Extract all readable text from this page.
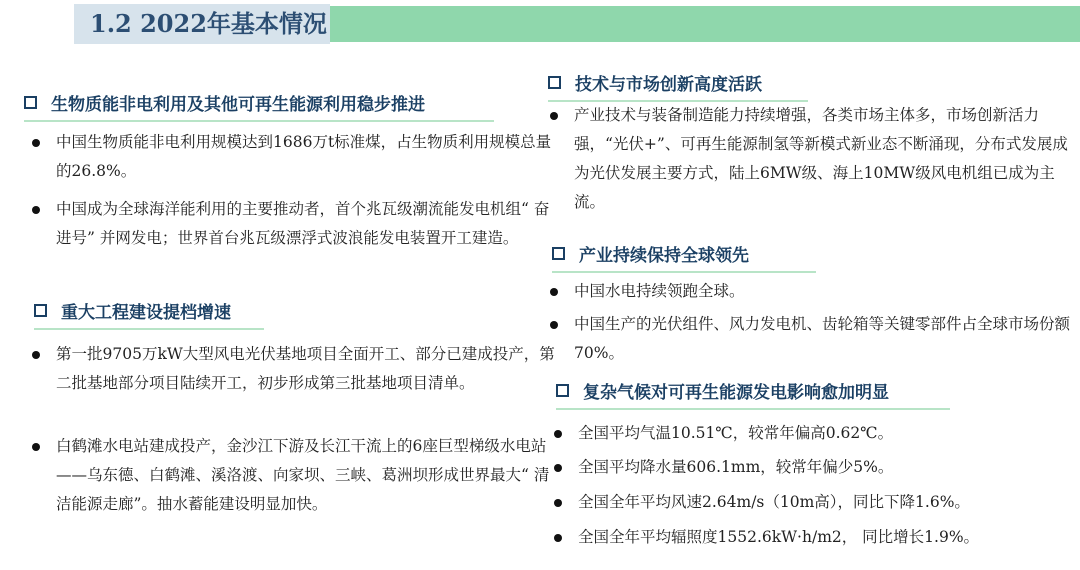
1.2 2022年基本情况
生物质能非电利用及其他可再生能源利用稳步推进
中国生物质能非电利用规模达到1686万t标准煤，占生物质利用规模总量的26.8%。
中国成为全球海洋能利用的主要推动者，首个兆瓦级潮流能发电机组“ 奋进号” 并网发电；世界首台兆瓦级漂浮式波浪能发电装置开工建造。
重大工程建设提档增速
第一批9705万kW大型风电光伏基地项目全面开工、部分已建成投产，第二批基地部分项目陆续开工，初步形成第三批基地项目清单。
白鹤滩水电站建成投产，金沙江下游及长江干流上的6座巨型梯级水电站——乌东德、白鹤滩、溪洛渡、向家坝、三峡、葛洲坝形成世界最大“ 清洁能源走廊”。抽水蓄能建设明显加快。
技术与市场创新高度活跃
产业技术与装备制造能力持续增强，各类市场主体多，市场创新活力强，“光伏+”、可再生能源制氢等新模式新业态不断涌现，分布式发展成为光伏发展主要方式，陆上6MW级、海上10MW级风电机组已成为主流。
产业持续保持全球领先
中国水电持续领跑全球。
中国生产的光伏组件、风力发电机、齿轮箱等关键零部件占全球市场份额70%。
复杂气候对可再生能源发电影响愈加明显
全国平均气温10.51℃，较常年偏高0.62℃。
全国平均降水量606.1mm，较常年偏少5%。
全国全年平均风速2.64m/s（10m高），同比下降1.6%。
全国全年平均辐照度1552.6kW·h/m2， 同比增长1.9%。
